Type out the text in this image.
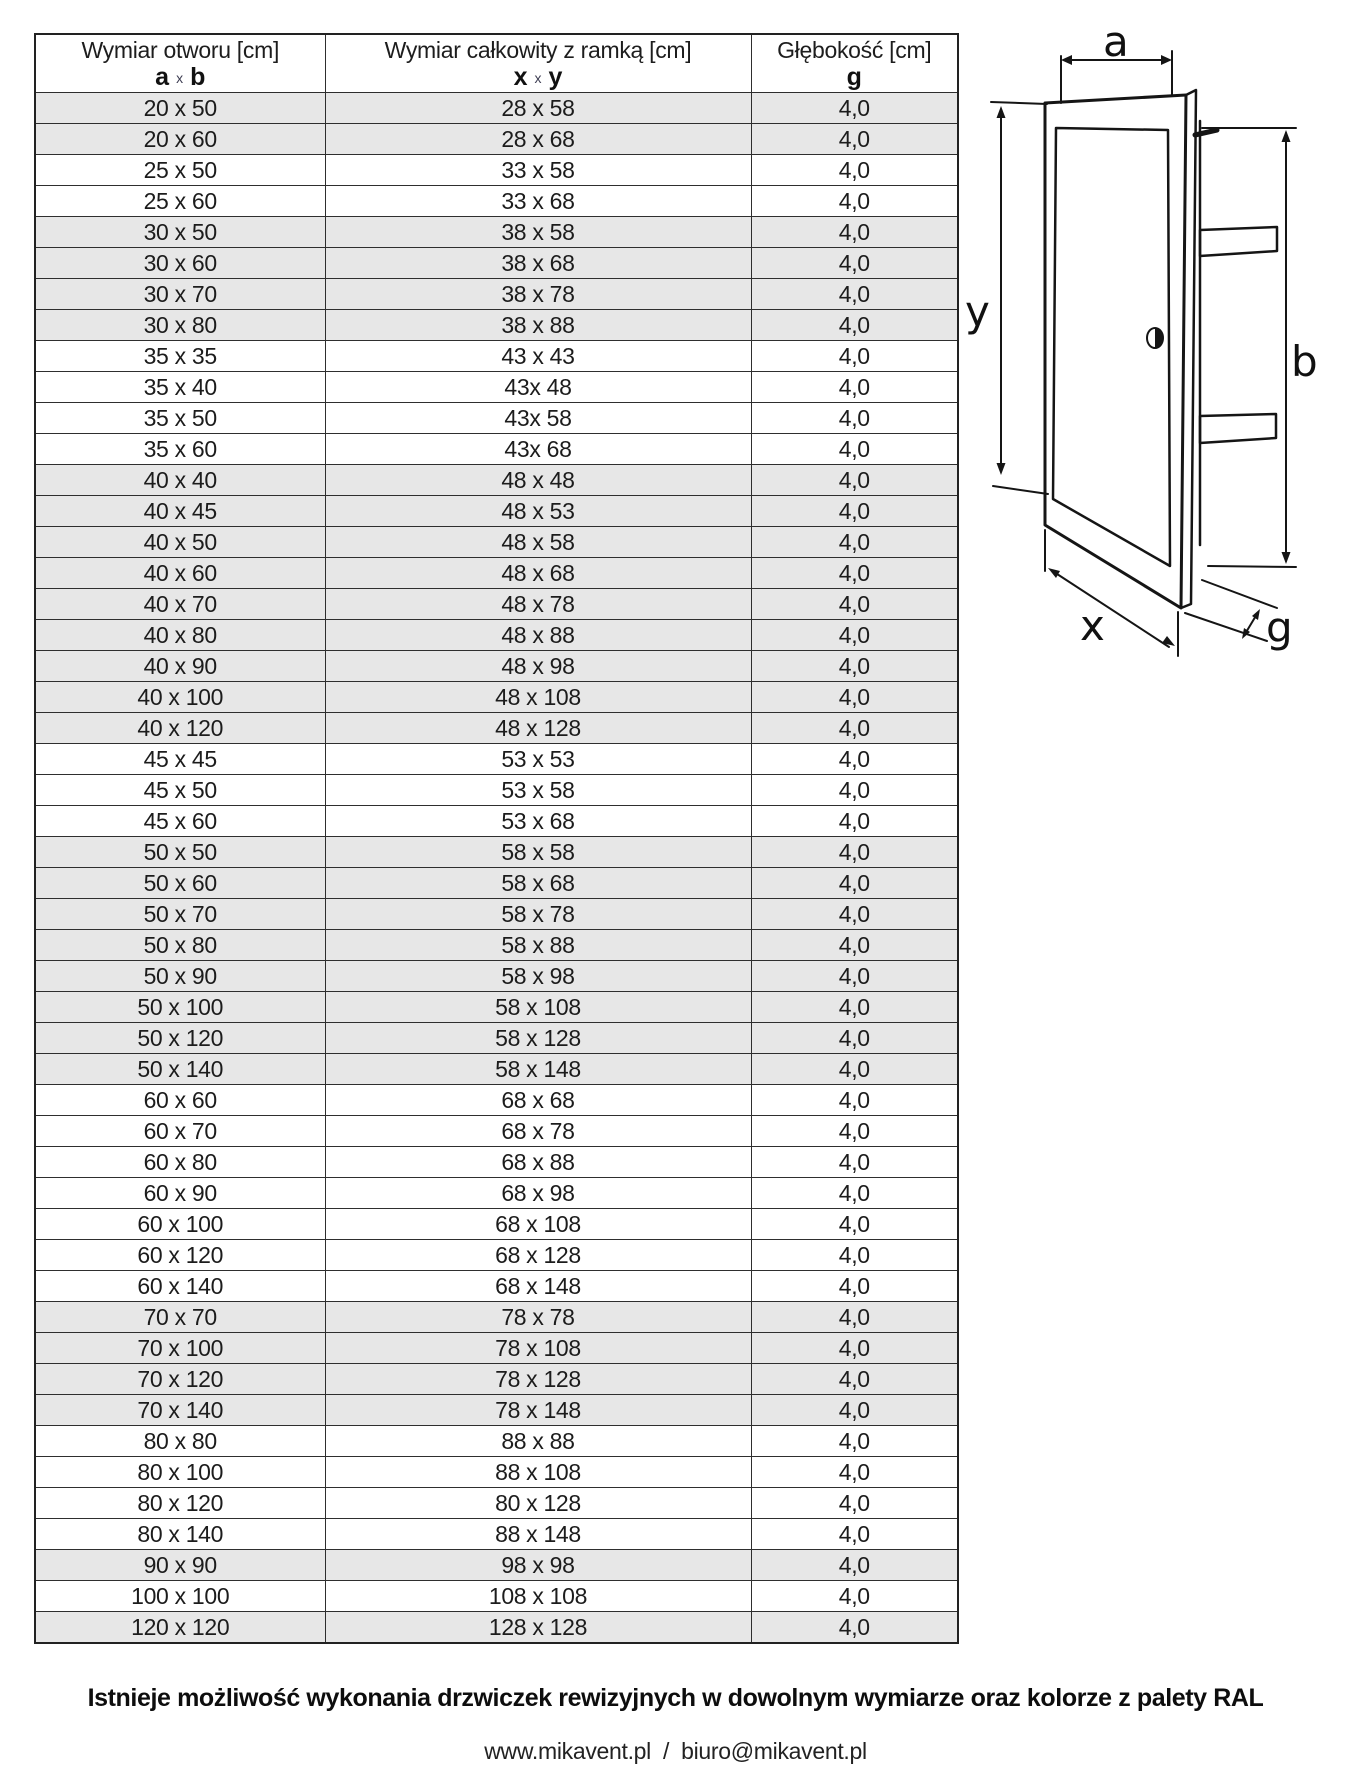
Wymiar otworu [cm]
ax b

Wymiar całkowity z ramką [cm]
xx y

Głębokość [cm]
g

20 x 50	28 x 58	4,0
20 x 60	28 x 68	4,0
25 x 50	33 x 58	4,0
25 x 60	33 x 68	4,0
30 x 50	38 x 58	4,0
30 x 60	38 x 68	4,0
30 x 70	38 x 78	4,0
30 x 80	38 x 88	4,0
35 x 35	43 x 43	4,0
35 x 40	43x 48	4,0
35 x 50	43x 58	4,0
35 x 60	43x 68	4,0
40 x 40	48 x 48	4,0
40 x 45	48 x 53	4,0
40 x 50	48 x 58	4,0
40 x 60	48 x 68	4,0
40 x 70	48 x 78	4,0
40 x 80	48 x 88	4,0
40 x 90	48 x 98	4,0
40 x 100	48 x 108	4,0
40 x 120	48 x 128	4,0
45 x 45	53 x 53	4,0
45 x 50	53 x 58	4,0
45 x 60	53 x 68	4,0
50 x 50	58 x 58	4,0
50 x 60	58 x 68	4,0
50 x 70	58 x 78	4,0
50 x 80	58 x 88	4,0
50 x 90	58 x 98	4,0
50 x 100	58 x 108	4,0
50 x 120	58 x 128	4,0
50 x 140	58 x 148	4,0
60 x 60	68 x 68	4,0
60 x 70	68 x 78	4,0
60 x 80	68 x 88	4,0
60 x 90	68 x 98	4,0
60 x 100	68 x 108	4,0
60 x 120	68 x 128	4,0
60 x 140	68 x 148	4,0
70 x 70	78 x 78	4,0
70 x 100	78 x 108	4,0
70 x 120	78 x 128	4,0
70 x 140	78 x 148	4,0
80 x 80	88 x 88	4,0
80 x 100	88 x 108	4,0
80 x 120	80 x 128	4,0
80 x 140	88 x 148	4,0
90 x 90	98 x 98	4,0
100 x 100	108 x 108	4,0
120 x 120	128 x 128	4,0
a
y
b
x	g
Istnieje możliwość wykonania drzwiczek rewizyjnych w dowolnym wymiarze oraz kolorze z palety RAL
www.mikavent.pl / biuro@mikavent.pl
